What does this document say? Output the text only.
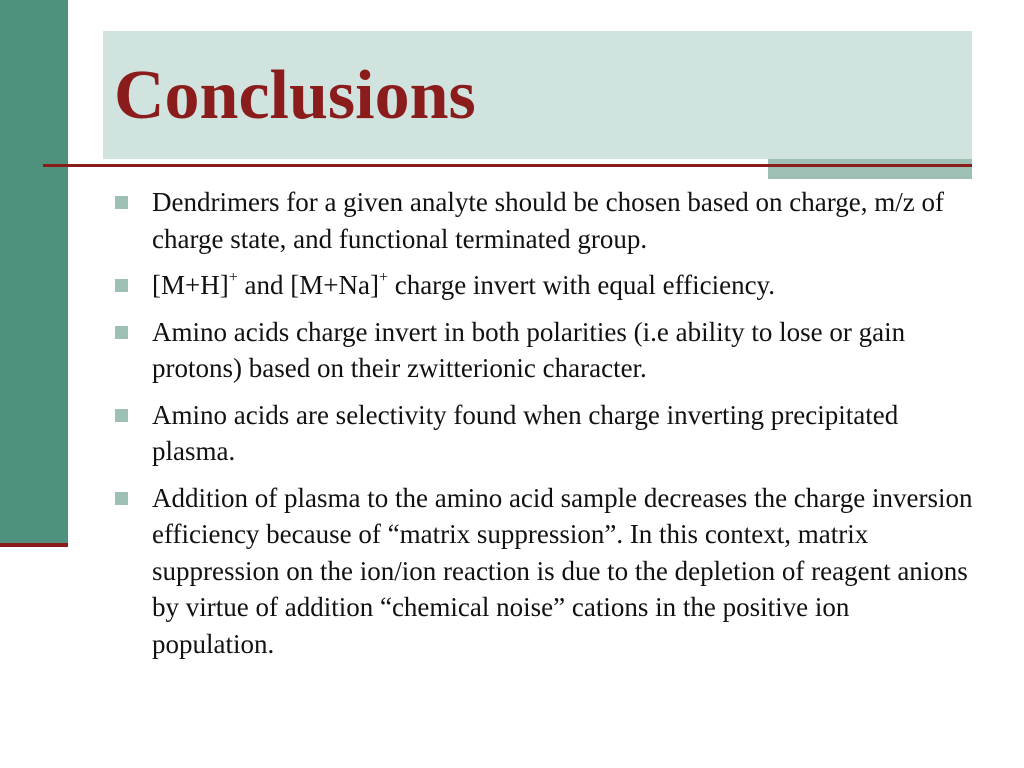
Conclusions
Dendrimers for a given analyte should be chosen based on charge, m/z of charge state, and functional terminated group.
[M+H]+ and [M+Na]+ charge invert with equal efficiency.
Amino acids charge invert in both polarities (i.e ability to lose or gain protons) based on their zwitterionic character.
Amino acids are selectivity found when charge inverting precipitated plasma.
Addition of plasma to the amino acid sample decreases the charge inversion efficiency because of “matrix suppression”. In this context, matrix suppression on the ion/ion reaction is due to the depletion of reagent anions by virtue of addition “chemical noise” cations in the positive ion population.
